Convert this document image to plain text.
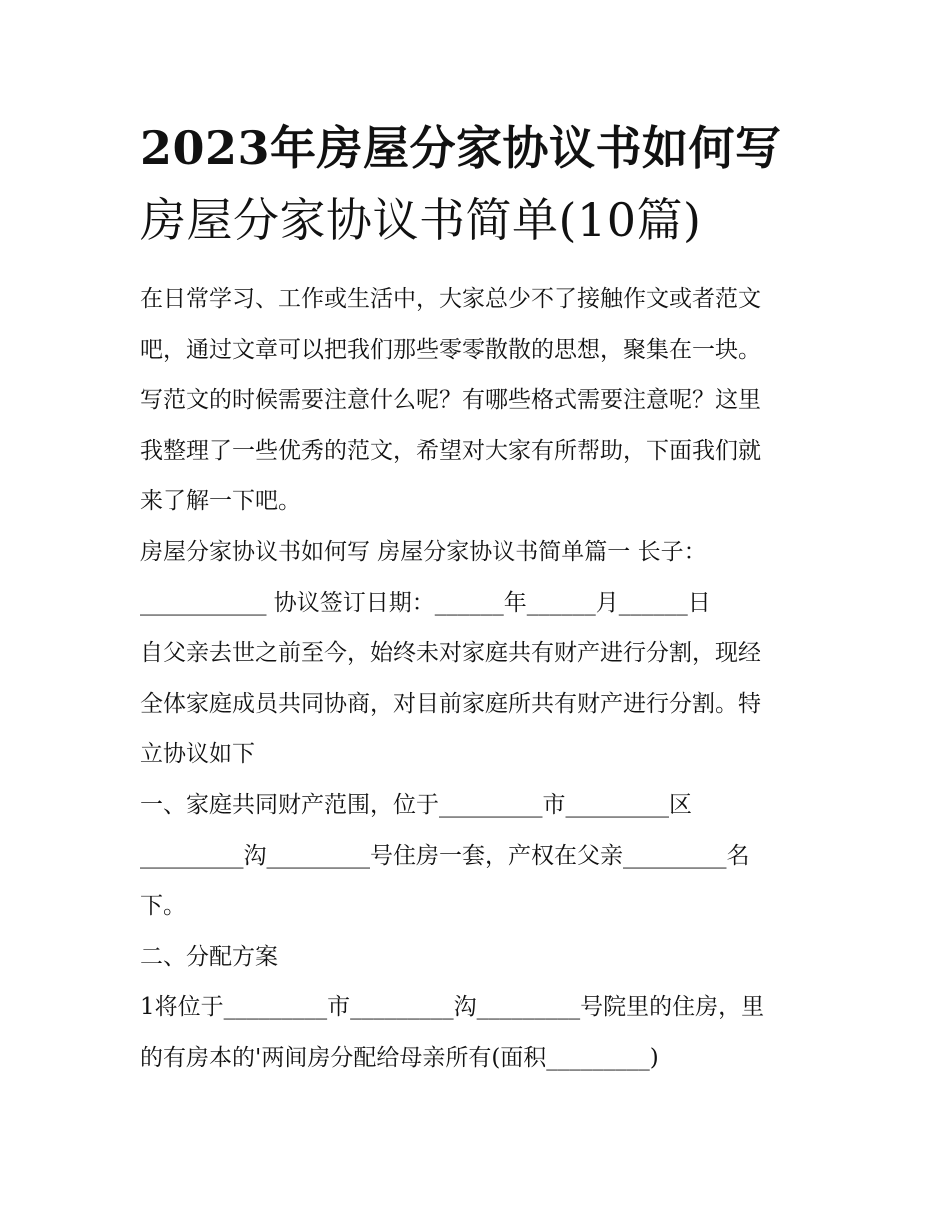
2023年房屋分家协议书如何写
房屋分家协议书简单(10篇)

在日常学习、工作或生活中，大家总少不了接触作文或者范文

吧，通过文章可以把我们那些零零散散的思想，聚集在一块。

写范文的时候需要注意什么呢？有哪些格式需要注意呢？这里

我整理了一些优秀的范文，希望对大家有所帮助，下面我们就

来了解一下吧。

房屋分家协议书如何写 房屋分家协议书简单篇一 长子：

___________ 协议签订日期：______年______月______日

自父亲去世之前至今，始终未对家庭共有财产进行分割，现经

全体家庭成员共同协商，对目前家庭所共有财产进行分割。特

立协议如下

一、家庭共同财产范围，位于_________市_________区

_________沟_________号住房一套，产权在父亲_________名

下。

二、分配方案

1将位于_________市_________沟_________号院里的住房，里

的有房本的'两间房分配给母亲所有(面积_________)
